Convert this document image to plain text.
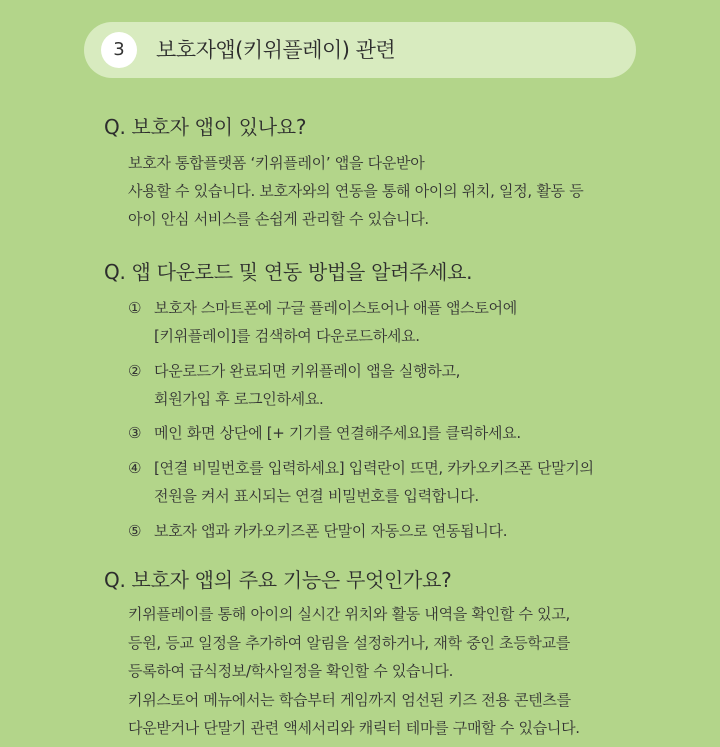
3	보호자앱(키위플레이) 관련
Q. 보호자 앱이 있나요?
보호자 통합플랫폼 ‘키위플레이’ 앱을 다운받아
사용할 수 있습니다. 보호자와의 연동을 통해 아이의 위치, 일정, 활동 등
아이 안심 서비스를 손쉽게 관리할 수 있습니다.
Q. 앱 다운로드 및 연동 방법을 알려주세요.
① 보호자 스마트폰에 구글 플레이스토어나 애플 앱스토어에
[키위플레이]를 검색하여 다운로드하세요.
② 다운로드가 완료되면 키위플레이 앱을 실행하고,
회원가입 후 로그인하세요.
③ 메인 화면 상단에 [+ 기기를 연결해주세요]를 클릭하세요.
④ [연결 비밀번호를 입력하세요] 입력란이 뜨면, 카카오키즈폰 단말기의
전원을 켜서 표시되는 연결 비밀번호를 입력합니다.
⑤ 보호자 앱과 카카오키즈폰 단말이 자동으로 연동됩니다.
Q. 보호자 앱의 주요 기능은 무엇인가요?
키위플레이를 통해 아이의 실시간 위치와 활동 내역을 확인할 수 있고,
등원, 등교 일정을 추가하여 알림을 설정하거나, 재학 중인 초등학교를
등록하여 급식정보/학사일정을 확인할 수 있습니다.
키위스토어 메뉴에서는 학습부터 게임까지 엄선된 키즈 전용 콘텐츠를
다운받거나 단말기 관련 액세서리와 캐릭터 테마를 구매할 수 있습니다.
